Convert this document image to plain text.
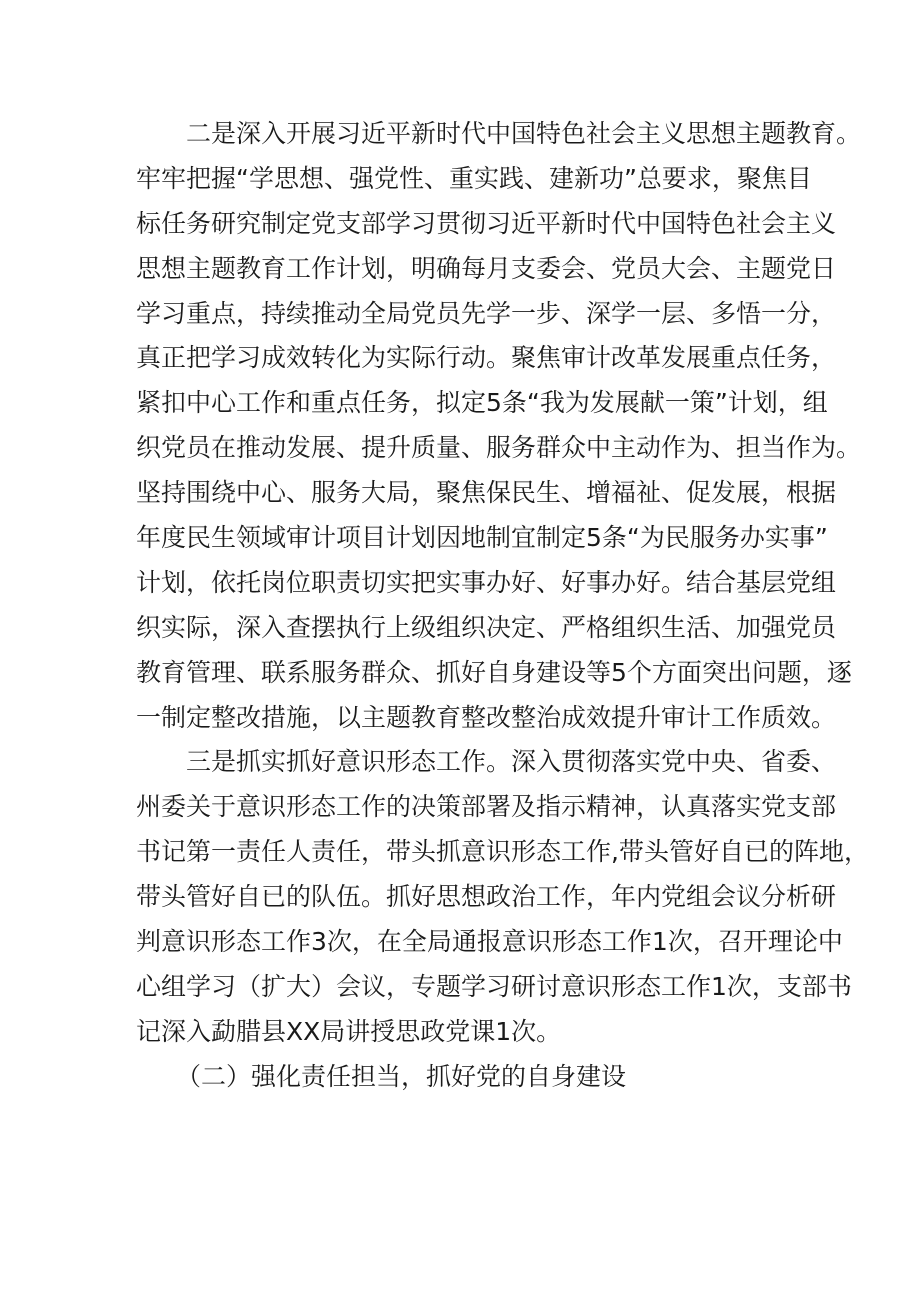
二是深入开展习近平新时代中国特色社会主义思想主题教育。
牢牢把握“学思想、强党性、重实践、建新功”总要求，聚焦目
标任务研究制定党支部学习贯彻习近平新时代中国特色社会主义
思想主题教育工作计划，明确每月支委会、党员大会、主题党日
学习重点，持续推动全局党员先学一步、深学一层、多悟一分，
真正把学习成效转化为实际行动。聚焦审计改革发展重点任务，
紧扣中心工作和重点任务，拟定5条“我为发展献一策”计划，组
织党员在推动发展、提升质量、服务群众中主动作为、担当作为。
坚持围绕中心、服务大局，聚焦保民生、增福祉、促发展，根据
年度民生领域审计项目计划因地制宜制定5条“为民服务办实事”
计划，依托岗位职责切实把实事办好、好事办好。结合基层党组
织实际，深入查摆执行上级组织决定、严格组织生活、加强党员
教育管理、联系服务群众、抓好自身建设等5个方面突出问题，逐
一制定整改措施，以主题教育整改整治成效提升审计工作质效。
三是抓实抓好意识形态工作。深入贯彻落实党中央、省委、
州委关于意识形态工作的决策部署及指示精神，认真落实党支部
书记第一责任人责任，带头抓意识形态工作,带头管好自已的阵地，
带头管好自已的队伍。抓好思想政治工作，年内党组会议分析研
判意识形态工作3次，在全局通报意识形态工作1次，召开理论中
心组学习（扩大）会议，专题学习研讨意识形态工作1次，支部书
记深入勐腊县XX局讲授思政党课1次。
（二）强化责任担当，抓好党的自身建设
